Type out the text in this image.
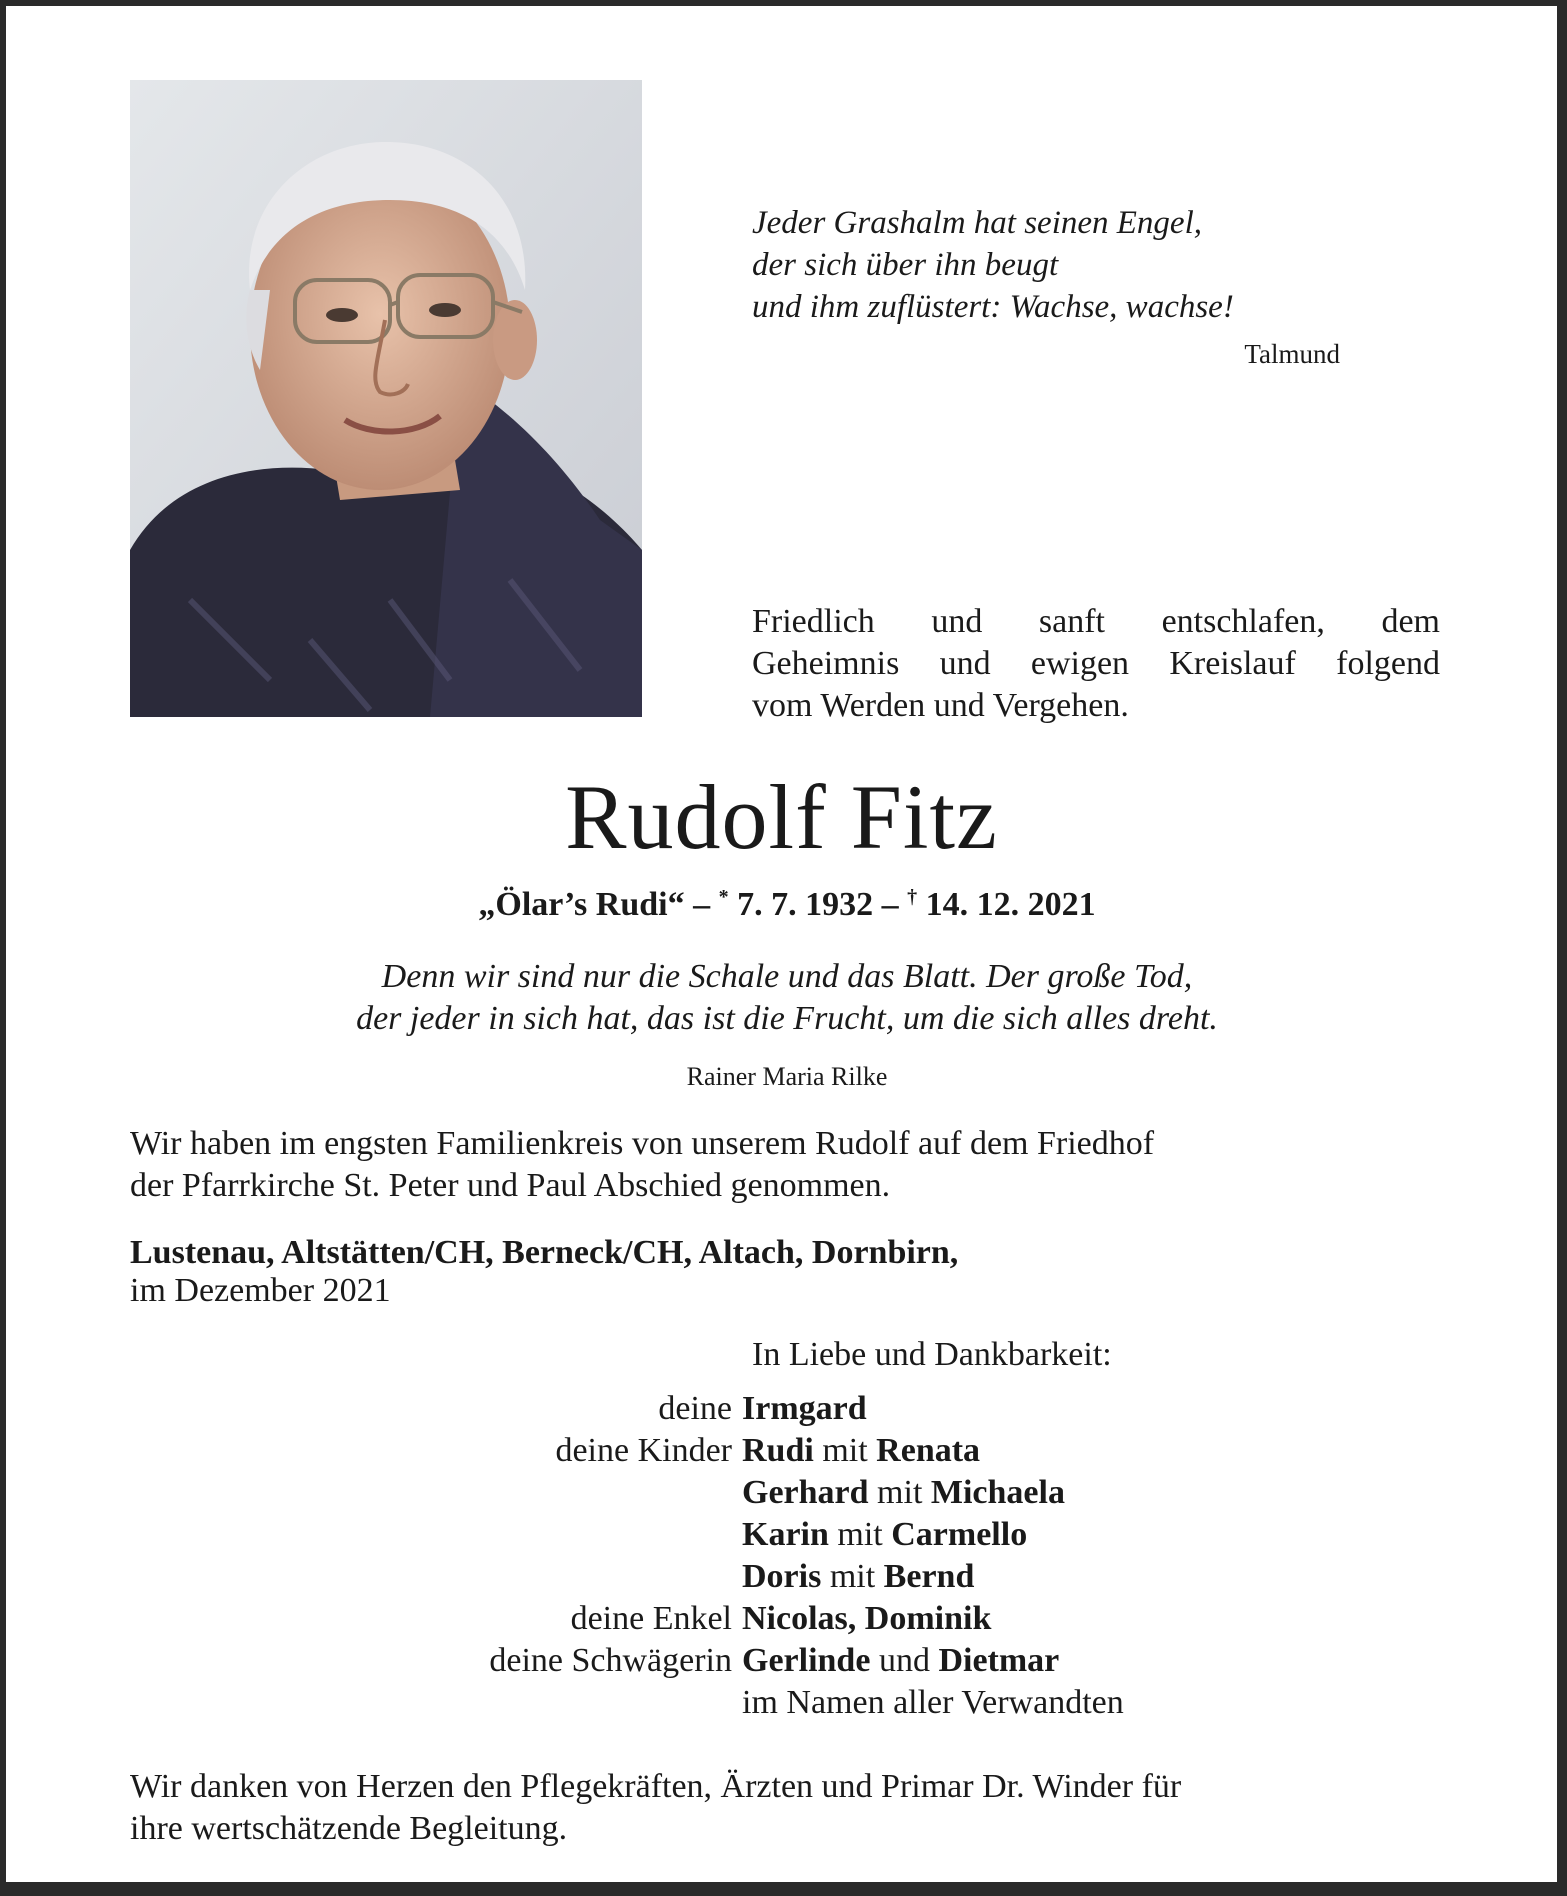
Jeder Grashalm hat seinen Engel,
der sich über ihn beugt
und ihm zuflüstert: Wachse, wachse!
Talmund
Friedlich und sanft entschlafen, dem
Geheimnis und ewigen Kreislauf folgend
vom Werden und Vergehen.
Rudolf Fitz
„Ölar’s Rudi“ – * 7. 7. 1932 – † 14. 12. 2021
Denn wir sind nur die Schale und das Blatt. Der große Tod,
der jeder in sich hat, das ist die Frucht, um die sich alles dreht.
Rainer Maria Rilke
Wir haben im engsten Familienkreis von unserem Rudolf auf dem Friedhof
der Pfarrkirche St. Peter und Paul Abschied genommen.
Lustenau, Altstätten/CH, Berneck/CH, Altach, Dornbirn,
im Dezember 2021
In Liebe und Dankbarkeit:
deine Irmgard
deine Kinder Rudi mit Renata
Gerhard mit Michaela
Karin mit Carmello
Doris mit Bernd
deine Enkel Nicolas, Dominik
deine Schwägerin Gerlinde und Dietmar
im Namen aller Verwandten
Wir danken von Herzen den Pflegekräften, Ärzten und Primar Dr. Winder für
ihre wertschätzende Begleitung.
